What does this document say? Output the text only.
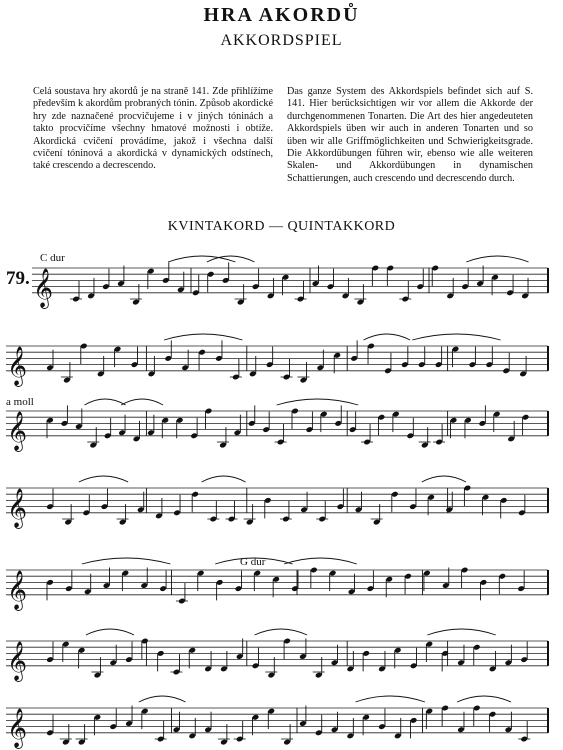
HRA AKORDŮ
AKKORDSPIEL
Celá soustava hry akordů je na straně 141. Zde přihlížíme především k akordům probraných tónin. Způsob akordické hry zde naznačené procvičujeme i v jiných tóninách a takto procvičíme všechny hmatové možnosti i obtíže. Akordická cvičení provádíme, jakož i všechna další cvičení tóninová a akordická v dynamických odstínech, také crescendo a decrescendo.
Das ganze System des Akkordspiels befindet sich auf S. 141. Hier berücksichtigen wir vor allem die Akkorde der durchgenommenen Tonarten. Die Art des hier angedeuteten Akkordspiels üben wir auch in anderen Tonarten und so üben wir alle Griffmöglichkeiten und Schwierigkeitsgrade. Die Akkordübungen führen wir, ebenso wie alle weiteren Skalen- und Akkordübungen in dynamischen Schattierungen, auch crescendo und decrescendo durch.
KVINTAKORD — QUINTAKKORD
C dur
79.
a moll
G dur
𝄞
𝄞
𝄞
𝄞
𝄞
𝄞
𝄞
